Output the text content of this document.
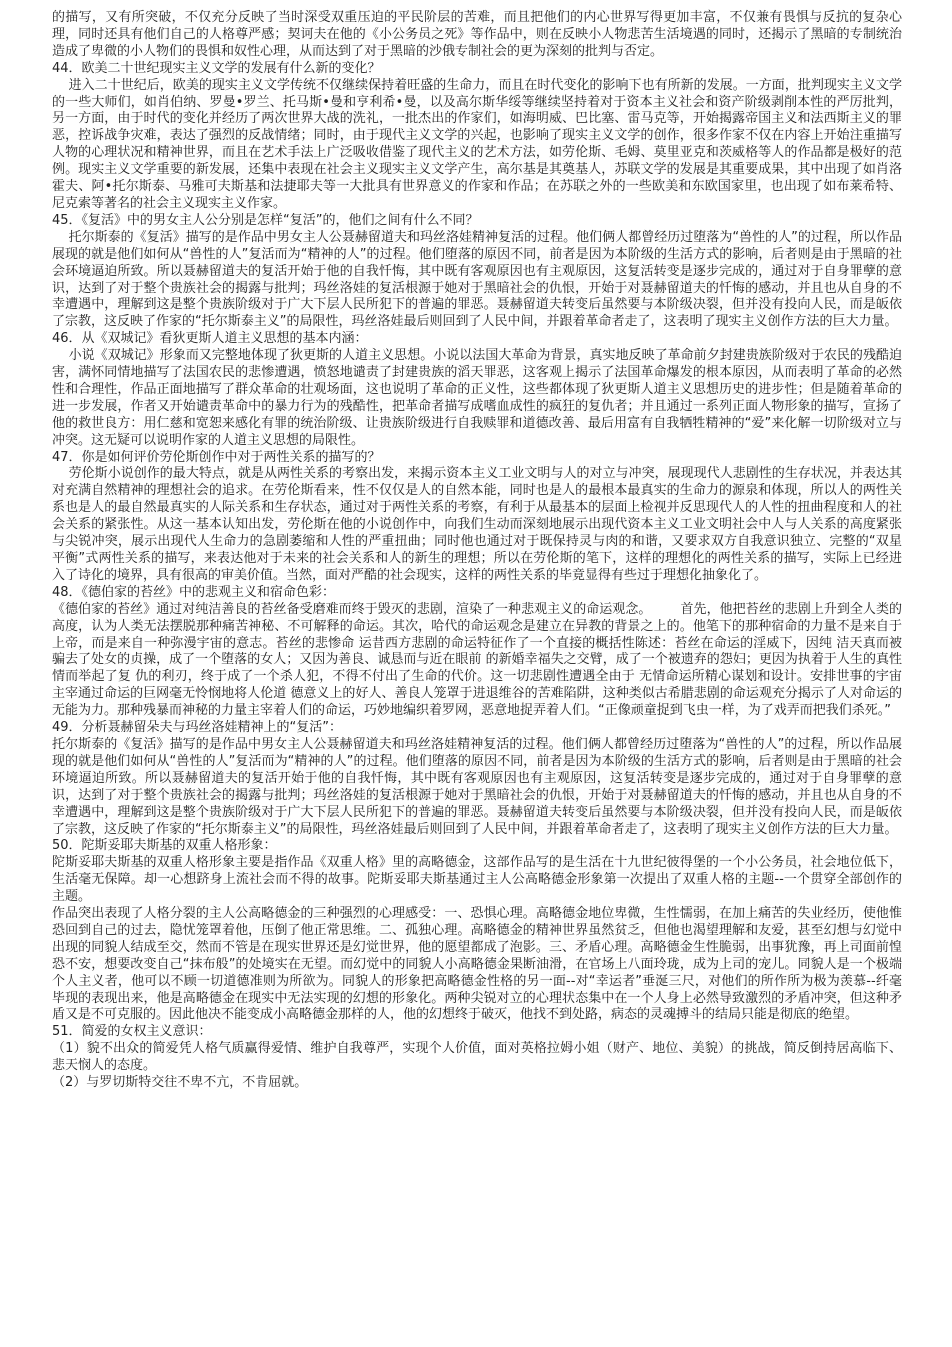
的描写，又有所突破，不仅充分反映了当时深受双重压迫的平民阶层的苦难，而且把他们的内心世界写得更加丰富，不仅兼有畏惧与反抗的复杂心理，同时还具有他们自己的人格尊严感；契诃夫在他的《小公务员之死》等作品中，则在反映小人物悲苦生活境遇的同时，还揭示了黑暗的专制统治造成了卑微的小人物们的畏惧和奴性心理，从而达到了对于黑暗的沙俄专制社会的更为深刻的批判与否定。

44．欧美二十世纪现实主义文学的发展有什么新的变化？

进入二十世纪后，欧美的现实主义文学传统不仅继续保持着旺盛的生命力，而且在时代变化的影响下也有所新的发展。一方面，批判现实主义文学的一些大师们，如肖伯纳、罗曼•罗兰、托马斯•曼和亨利希•曼，以及高尔斯华绥等继续坚持着对于资本主义社会和资产阶级剥削本性的严厉批判，另一方面，由于时代的变化并经历了两次世界大战的洗礼，一批杰出的作家们，如海明威、巴比塞、雷马克等，开始揭露帝国主义和法西斯主义的罪恶，控诉战争灾难，表达了强烈的反战情绪；同时，由于现代主义文学的兴起，也影响了现实主义文学的创作，很多作家不仅在内容上开始注重描写人物的心理状况和精神世界，而且在艺术手法上广泛吸收借鉴了现代主义的艺术方法，如劳伦斯、毛姆、莫里亚克和茨威格等人的作品都是极好的范例。现实主义文学重要的新发展，还集中表现在社会主义现实主义文学产生，高尔基是其奠基人，苏联文学的发展是其重要成果，其中出现了如肖洛霍夫、阿•托尔斯泰、马雅可夫斯基和法捷耶夫等一大批具有世界意义的作家和作品；在苏联之外的一些欧美和东欧国家里，也出现了如布莱希特、尼克索等著名的社会主义现实主义作家。

45．《复活》中的男女主人公分别是怎样“复活”的，他们之间有什么不同？

托尔斯泰的《复活》描写的是作品中男女主人公聂赫留道夫和玛丝洛娃精神复活的过程。他们俩人都曾经历过堕落为“兽性的人”的过程，所以作品展现的就是他们如何从“兽性的人”复活而为“精神的人”的过程。他们堕落的原因不同，前者是因为本阶级的生活方式的影响，后者则是由于黑暗的社会环境逼迫所致。所以聂赫留道夫的复活开始于他的自我忏悔，其中既有客观原因也有主观原因，这复活转变是逐步完成的，通过对于自身罪孽的意识，达到了对于整个贵族社会的揭露与批判；玛丝洛娃的复活根源于她对于黑暗社会的仇恨，开始于对聂赫留道夫的忏悔的感动，并且也从自身的不幸遭遇中，理解到这是整个贵族阶级对于广大下层人民所犯下的普遍的罪恶。聂赫留道夫转变后虽然要与本阶级决裂，但并没有投向人民，而是皈依了宗教，这反映了作家的“托尔斯泰主义”的局限性，玛丝洛娃最后则回到了人民中间，并跟着革命者走了，这表明了现实主义创作方法的巨大力量。

46．从《双城记》看狄更斯人道主义思想的基本内涵：

小说《双城记》形象而又完整地体现了狄更斯的人道主义思想。小说以法国大革命为背景，真实地反映了革命前夕封建贵族阶级对于农民的残酷迫害，满怀同情地描写了法国农民的悲惨遭遇，愤怒地谴责了封建贵族的滔天罪恶，这客观上揭示了法国革命爆发的根本原因，从而表明了革命的必然性和合理性，作品正面地描写了群众革命的壮观场面，这也说明了革命的正义性，这些都体现了狄更斯人道主义思想历史的进步性；但是随着革命的进一步发展，作者又开始谴责革命中的暴力行为的残酷性，把革命者描写成嗜血成性的疯狂的复仇者；并且通过一系列正面人物形象的描写，宣扬了他的救世良方：用仁慈和宽恕来感化有罪的统治阶级、让贵族阶级进行自我赎罪和道德改善、最后用富有自我牺牲精神的“爱”来化解一切阶级对立与冲突。这无疑可以说明作家的人道主义思想的局限性。

47．你是如何评价劳伦斯创作中对于两性关系的描写的？

劳伦斯小说创作的最大特点，就是从两性关系的考察出发，来揭示资本主义工业文明与人的对立与冲突，展现现代人悲剧性的生存状况，并表达其对充满自然精神的理想社会的追求。在劳伦斯看来，性不仅仅是人的自然本能，同时也是人的最根本最真实的生命力的源泉和体现，所以人的两性关系也是人的最自然最真实的人际关系和生存状态，通过对于两性关系的考察，有利于从最基本的层面上检视并反思现代人的人性的扭曲程度和人的社会关系的紧张性。从这一基本认知出发，劳伦斯在他的小说创作中，向我们生动而深刻地展示出现代资本主义工业文明社会中人与人关系的高度紧张与尖锐冲突，展示出现代人生命力的急剧萎缩和人性的严重扭曲；同时他也通过对于既保持灵与肉的和谐，又要求双方自我意识独立、完整的“双星平衡”式两性关系的描写，来表达他对于未来的社会关系和人的新生的理想；所以在劳伦斯的笔下，这样的理想化的两性关系的描写，实际上已经进入了诗化的境界，具有很高的审美价值。当然，面对严酷的社会现实，这样的两性关系的毕竟显得有些过于理想化抽象化了。

48．《德伯家的苔丝》中的悲观主义和宿命色彩：

《德伯家的苔丝》通过对纯洁善良的苔丝备受磨难而终于毁灭的悲剧，渲染了一种悲观主义的命运观念。       首先，他把苔丝的悲剧上升到全人类的高度，认为人类无法摆脱那种痛苦神秘、不可解释的命运。其次，哈代的命运观念是建立在异教的背景之上的。他笔下的那种宿命的力量不是来自于上帝，而是来自一种弥漫宇宙的意志。苔丝的悲惨命 运昔西方悲剧的命运特征作了一个直接的概括性陈述：苔丝在命运的淫威下，因纯 洁天真而被骗去了处女的贞操，成了一个堕落的女人；又因为善良、诚恳而与近在眼前 的新婚幸福失之交臂，成了一个被遗弃的怨妇；更因为执着于人生的真性情而举起了复 仇的利刃，终于成了一个杀人犯，不得不付出了生命的代价。这一切悲剧性遭遇全由于 无情命运所精心谋划和设计。安排世事的宇宙主宰通过命运的巨网毫无怜悯地将人伦道 德意义上的好人、善良人笼罩于进退维谷的苦难陷阱，这种类似古希腊悲剧的命运观充分揭示了人对命运的无能为力。那种残暴而神秘的力量主宰着人们的命运，巧妙地编织着罗网，恶意地捉弄着人们。“正像顽童捉到飞虫一样，为了戏弄而把我们杀死。”

49．分析聂赫留朵夫与玛丝洛娃精神上的“复活”：

托尔斯泰的《复活》描写的是作品中男女主人公聂赫留道夫和玛丝洛娃精神复活的过程。他们俩人都曾经历过堕落为“兽性的人”的过程，所以作品展现的就是他们如何从“兽性的人”复活而为“精神的人”的过程。他们堕落的原因不同，前者是因为本阶级的生活方式的影响，后者则是由于黑暗的社会环境逼迫所致。所以聂赫留道夫的复活开始于他的自我忏悔，其中既有客观原因也有主观原因，这复活转变是逐步完成的，通过对于自身罪孽的意识，达到了对于整个贵族社会的揭露与批判；玛丝洛娃的复活根源于她对于黑暗社会的仇恨，开始于对聂赫留道夫的忏悔的感动，并且也从自身的不幸遭遇中，理解到这是整个贵族阶级对于广大下层人民所犯下的普遍的罪恶。聂赫留道夫转变后虽然要与本阶级决裂，但并没有投向人民，而是皈依了宗教，这反映了作家的“托尔斯泰主义”的局限性，玛丝洛娃最后则回到了人民中间，并跟着革命者走了，这表明了现实主义创作方法的巨大力量。

50．陀斯妥耶夫斯基的双重人格形象：

陀斯妥耶夫斯基的双重人格形象主要是指作品《双重人格》里的高略德金，这部作品写的是生活在十九世纪彼得堡的一个小公务员，社会地位低下，生活毫无保障。却一心想跻身上流社会而不得的故事。陀斯妥耶夫斯基通过主人公高略德金形象第一次提出了双重人格的主题--一个贯穿全部创作的主题。

作品突出表现了人格分裂的主人公高略德金的三种强烈的心理感受：一、恐惧心理。高略德金地位卑微，生性懦弱，在加上痛苦的失业经历，使他惟恐回到自己的过去，隐忧笼罩着他，压倒了他正常思维。二、孤独心理。高略德金的精神世界虽然贫乏，但他也渴望理解和友爱，甚至幻想与幻觉中出现的同貌人结成至交，然而不管是在现实世界还是幻觉世界，他的愿望都成了泡影。三、矛盾心理。高略德金生性脆弱，出事犹豫，再上司面前惶恐不安，想要改变自己“抹布般”的处境实在无望。而幻觉中的同貌人小高略德金果断油滑，在官场上八面玲珑，成为上司的宠儿。同貌人是一个极端个人主义者，他可以不顾一切道德准则为所欲为。同貌人的形象把高略德金性格的另一面--对“幸运者”垂涎三尺，对他们的所作所为极为羡慕--纤毫毕现的表现出来，他是高略德金在现实中无法实现的幻想的形象化。两种尖锐对立的心理状态集中在一个人身上必然导致激烈的矛盾冲突，但这种矛盾又是不可克服的。因此他决不能变成小高略德金那样的人，他的幻想终于破灭，他找不到处路，病态的灵魂搏斗的结局只能是彻底的绝望。

51．简爱的女权主义意识：

（1）貌不出众的简爱凭人格气质赢得爱情、维护自我尊严，实现个人价值，面对英格拉姆小姐（财产、地位、美貌）的挑战，简反倒持居高临下、悲天悯人的态度。

（2）与罗切斯特交往不卑不亢，不肯屈就。
